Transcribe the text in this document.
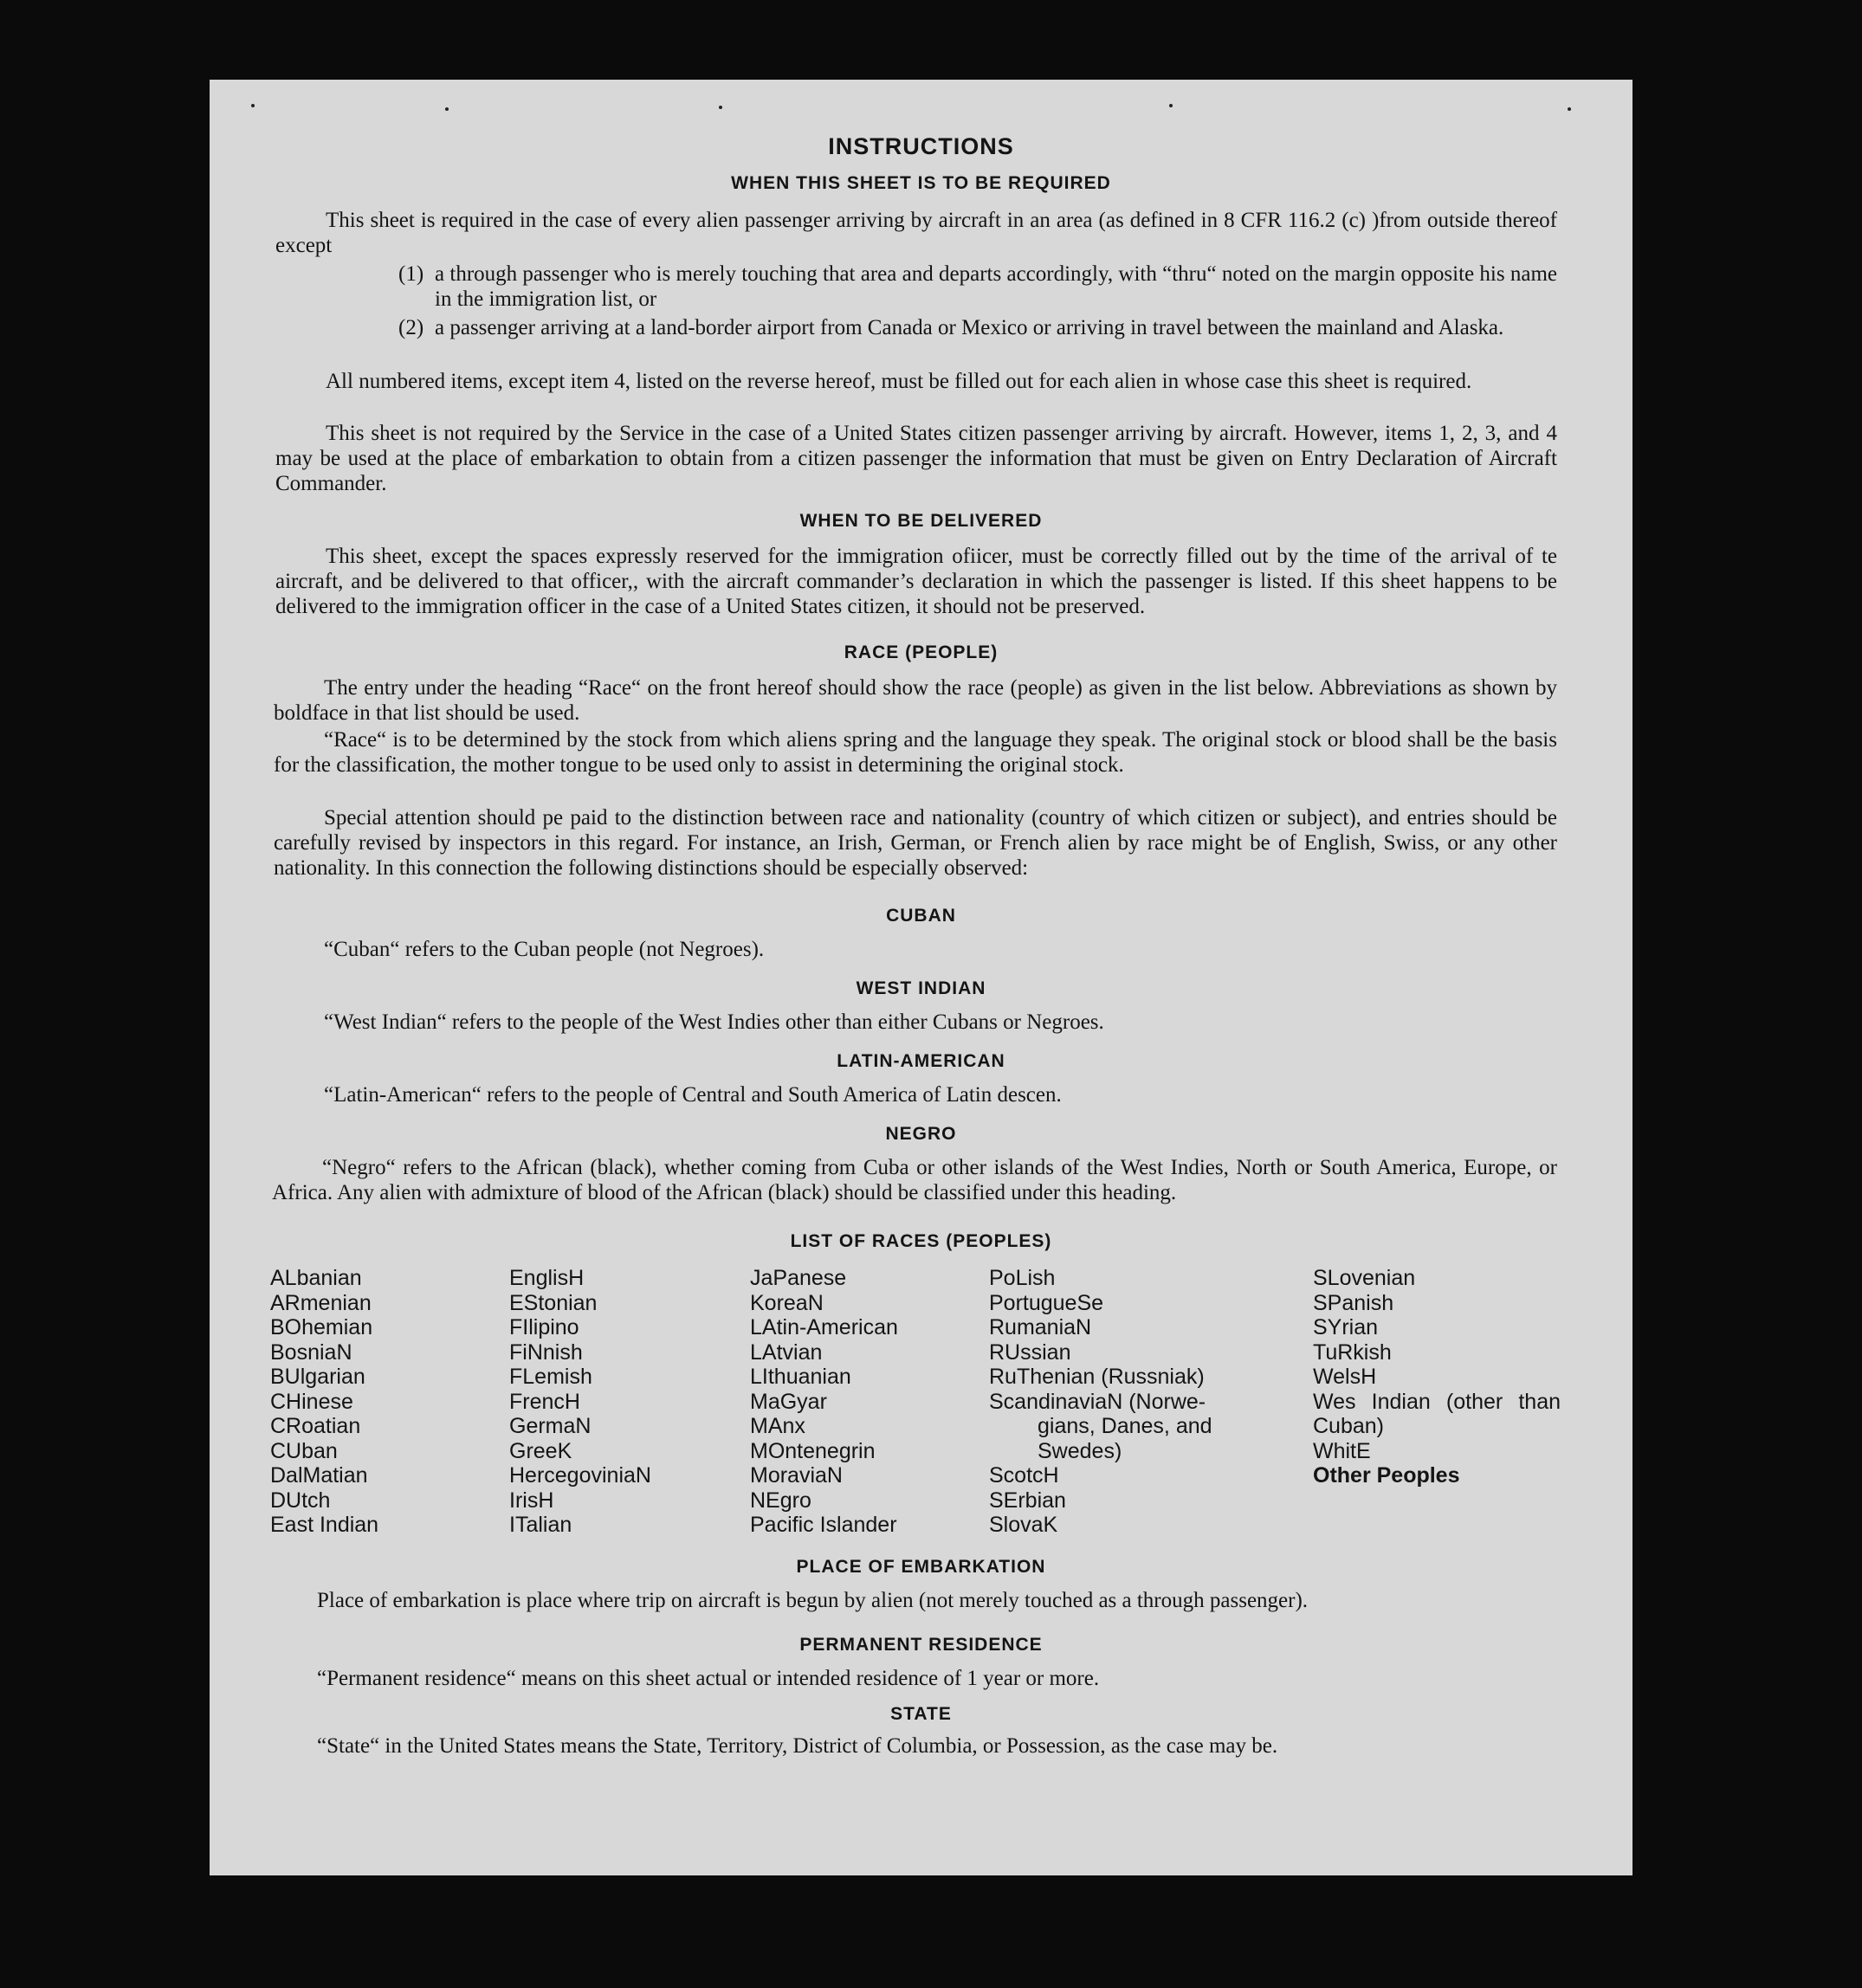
INSTRUCTIONS
WHEN THIS SHEET IS TO BE REQUIRED
This sheet is required in the case of every alien passenger arriving by aircraft in an area (as defined in 8 CFR 116.2 (c) )from outside thereof except
(1) a through passenger who is merely touching that area and departs accordingly, with “thru“ noted on the margin opposite his name in the immigration list, or
(2) a passenger arriving at a land-border airport from Canada or Mexico or arriving in travel between the mainland and Alaska.
All numbered items, except item 4, listed on the reverse hereof, must be filled out for each alien in whose case this sheet is required.
This sheet is not required by the Service in the case of a United States citizen passenger arriving by aircraft. However, items 1, 2, 3, and 4 may be used at the place of embarkation to obtain from a citizen passenger the information that must be given on Entry Declaration of Aircraft Commander.
WHEN TO BE DELIVERED
This sheet, except the spaces expressly reserved for the immigration ofiicer, must be correctly filled out by the time of the arrival of te aircraft, and be delivered to that officer,, with the aircraft commander’s declaration in which the passenger is listed. If this sheet happens to be delivered to the immigration officer in the case of a United States citizen, it should not be preserved.
RACE (PEOPLE)
The entry under the heading “Race“ on the front hereof should show the race (people) as given in the list below. Abbreviations as shown by boldface in that list should be used.
“Race“ is to be determined by the stock from which aliens spring and the language they speak. The original stock or blood shall be the basis for the classification, the mother tongue to be used only to assist in determining the original stock.
Special attention should pe paid to the distinction between race and nationality (country of which citizen or subject), and entries should be carefully revised by inspectors in this regard. For instance, an Irish, German, or French alien by race might be of English, Swiss, or any other nationality. In this connection the following distinctions should be especially observed:
CUBAN
“Cuban“ refers to the Cuban people (not Negroes).
WEST INDIAN
“West Indian“ refers to the people of the West Indies other than either Cubans or Negroes.
LATIN-AMERICAN
“Latin-American“ refers to the people of Central and South America of Latin descen.
NEGRO
“Negro“ refers to the African (black), whether coming from Cuba or other islands of the West Indies, North or South America, Europe, or Africa. Any alien with admixture of blood of the African (black) should be classified under this heading.
LIST OF RACES (PEOPLES)
ALbanian
ARmenian
BOhemian
BosniaN
BUlgarian
CHinese
CRoatian
CUban
DalMatian
DUtch
East Indian
EnglisH
EStonian
FIlipino
FiNnish
FLemish
FrencH
GermaN
GreeK
HercegoviniaN
IrisH
ITalian
JaPanese
KoreaN
LAtin-American
LAtvian
LIthuanian
MaGyar
MAnx
MOntenegrin
MoraviaN
NEgro
Pacific Islander
PoLish
PortugueSe
RumaniaN
RUssian
RuThenian (Russniak)
ScandinaviaN (Norwe-
gians, Danes, and
Swedes)
ScotcH
SErbian
SlovaK
SLovenian
SPanish
SYrian
TuRkish
WelsH
Wes Indian (other than Cuban)
WhitE
Other Peoples
PLACE OF EMBARKATION
Place of embarkation is place where trip on aircraft is begun by alien (not merely touched as a through passenger).
PERMANENT RESIDENCE
“Permanent residence“ means on this sheet actual or intended residence of 1 year or more.
STATE
“State“ in the United States means the State, Territory, District of Columbia, or Possession, as the case may be.
